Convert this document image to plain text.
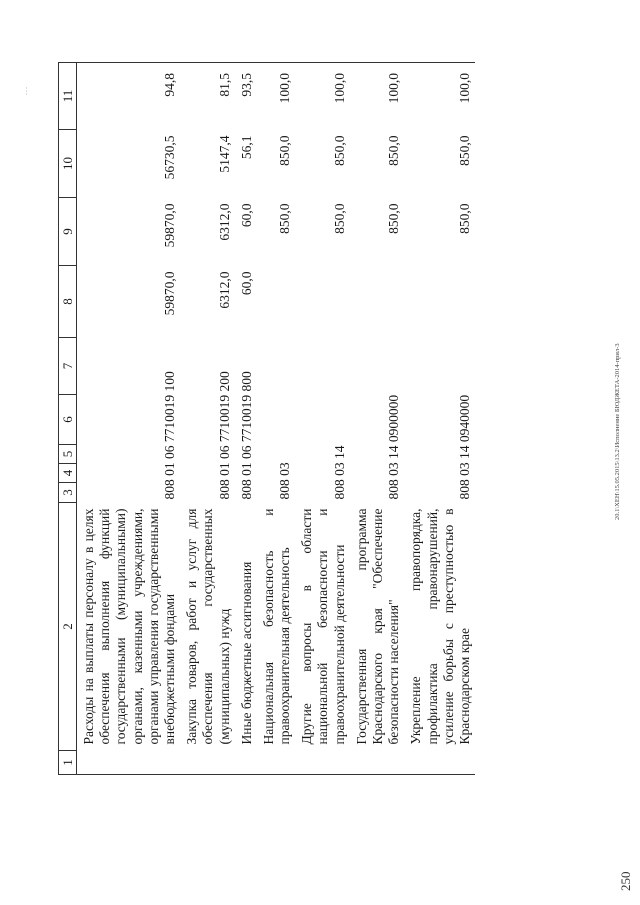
1	2	3	4	5	6	7	8	9	10	11
	Расходы на выплаты персоналу в целях обеспечения выполнения функций государственными (муниципальными) органами, казенными учреждениями, органами управления государственными внебюджетными фондами	808 01 06 7710019 100					59870,0	59870,0	56730,5	94,8
	Закупка товаров, работ и услуг для обеспечения государственных (муниципальных) нужд	808 01 06 7710019 200					6312,0	6312,0	5147,4	81,5
	Иные бюджетные ассигнования	808 01 06 7710019 800					60,0	60,0	56,1	93,5
	Национальная безопасность и правоохранительная деятельность	808 03						850,0	850,0	100,0
	Другие вопросы в области национальной безопасности и правоохранительной деятельности	808 03 14						850,0	850,0	100,0
	Государственная программа Краснодарского края "Обеспечение безопасности населения"	808 03 14 0900000						850,0	850,0	100,0
	Укрепление правопорядка, профилактика правонарушений, усиление борьбы с преступностью в Краснодарском крае	808 03 14 0940000						850,0	850,0	100,0
250
20.1\XEH\15.05.2015\13.2\Исполнение БЮДЖЕТА-2014-прил-3
...
